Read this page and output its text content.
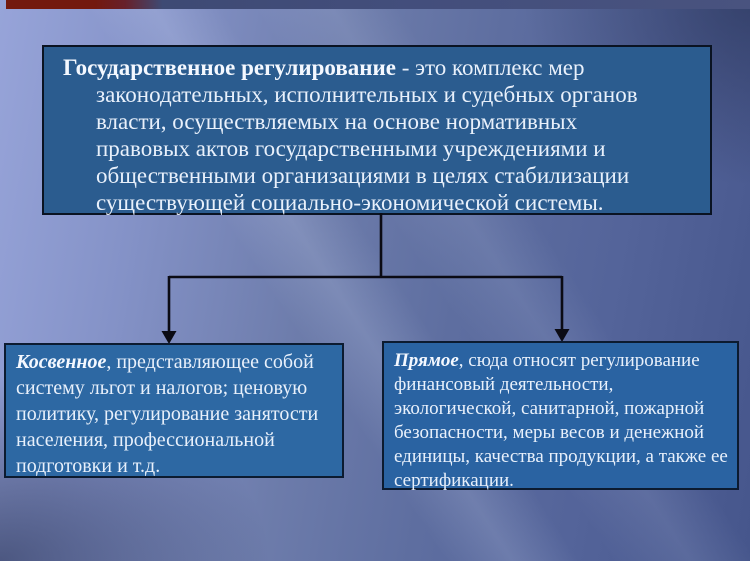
Государственное регулирование - это комплекс мер
законодательных, исполнительных и судебных органов
власти, осуществляемых на основе нормативных
правовых актов государственными учреждениями и
общественными организациями в целях стабилизации
существующей социально-экономической системы.
Косвенное, представляющее собой
систему льгот и налогов; ценовую
политику, регулирование занятости
населения, профессиональной
подготовки и т.д.
Прямое, сюда относят регулирование
финансовый деятельности,
экологической, санитарной, пожарной
безопасности, меры весов и денежной
единицы, качества продукции, а также ее
сертификации.
